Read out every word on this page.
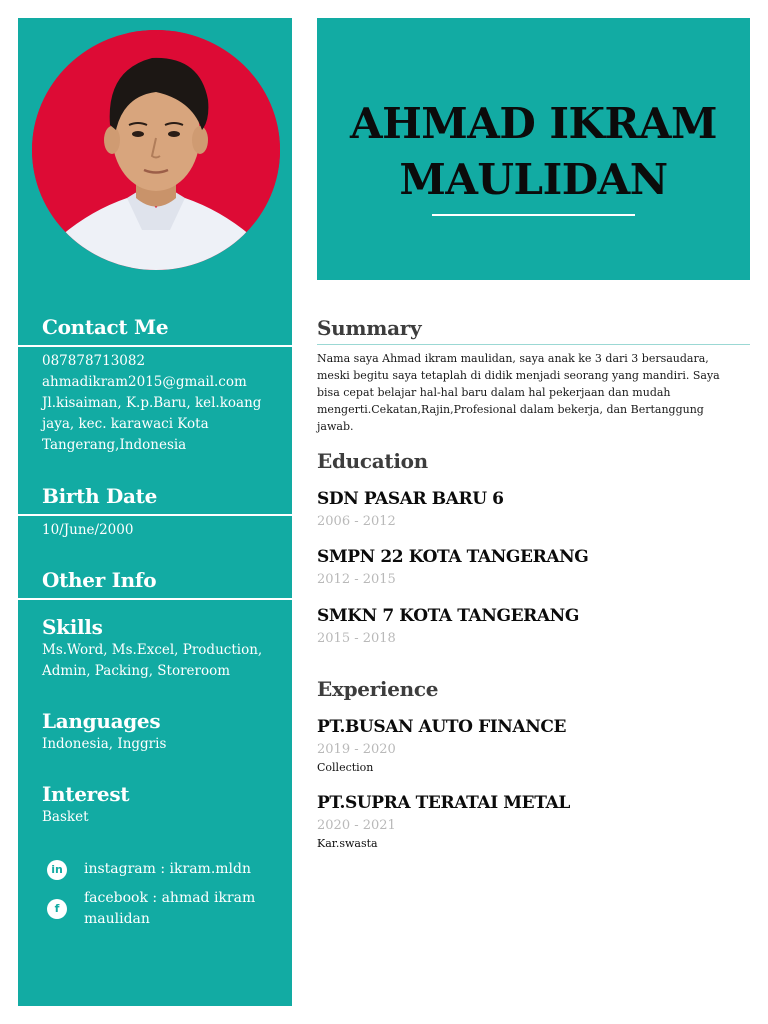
Contact Me
087878713082
ahmadikram2015@gmail.com
Jl.kisaiman, K.p.Baru, kel.koang
jaya, kec. karawaci Kota
Tangerang,Indonesia
Birth Date
10/June/2000
Other Info
Skills
Ms.Word, Ms.Excel, Production,
Admin, Packing, Storeroom
Languages
Indonesia, Inggris
Interest
Basket
in	instagram : ikram.mldn
f
facebook : ahmad ikram
maulidan
AHMAD IKRAM
MAULIDAN
Summary
Nama saya Ahmad ikram maulidan, saya anak ke 3 dari 3 bersaudara, meski begitu saya tetaplah di didik menjadi seorang yang mandiri. Saya bisa cepat belajar hal-hal baru dalam hal pekerjaan dan mudah mengerti.Cekatan,Rajin,Profesional dalam bekerja, dan Bertanggung jawab.
Education
SDN PASAR BARU 6
2006 - 2012
SMPN 22 KOTA TANGERANG
2012 - 2015
SMKN 7 KOTA TANGERANG
2015 - 2018
Experience
PT.BUSAN AUTO FINANCE
2019 - 2020
Collection
PT.SUPRA TERATAI METAL
2020 - 2021
Kar.swasta
